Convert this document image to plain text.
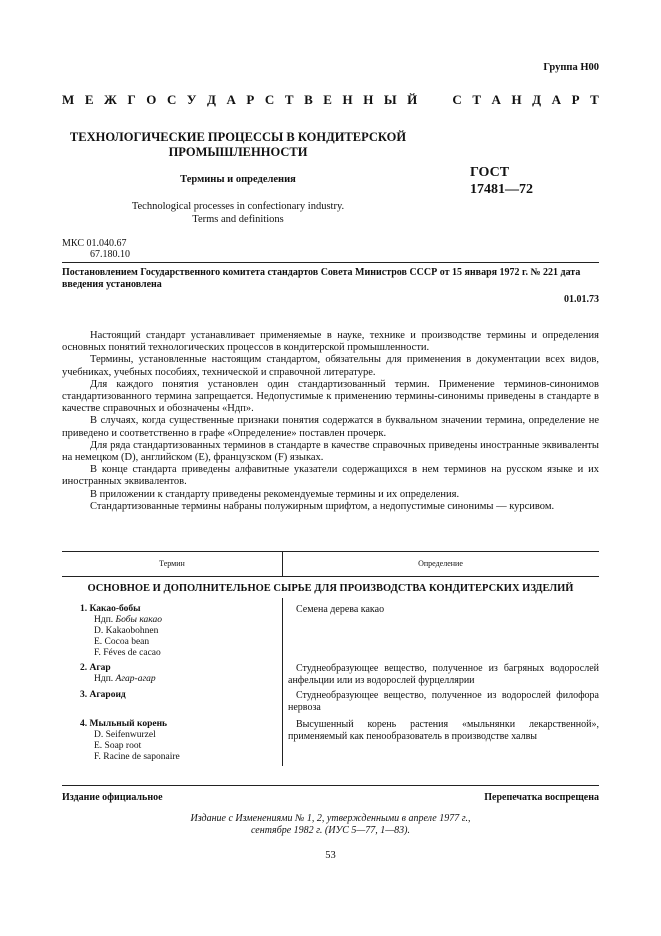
Группа Н00
М Е Ж Г О С У Д А Р С Т В Е Н Н Ы Й	С Т А Н Д А Р Т
ТЕХНОЛОГИЧЕСКИЕ ПРОЦЕССЫ В КОНДИТЕРСКОЙ
ПРОМЫШЛЕННОСТИ
Термины и определения
Technological processes in confectionary industry.
Terms and definitions
ГОСТ
17481—72
МКС 01.040.67
67.180.10
Постановлением Государственного комитета стандартов Совета Министров СССР от 15 января 1972 г. № 221 дата введения установлена
01.01.73

Настоящий стандарт устанавливает применяемые в науке, технике и производстве термины и определения основных понятий технологических процессов в кондитерской промышленности.

Термины, установленные настоящим стандартом, обязательны для применения в документации всех видов, учебниках, учебных пособиях, технической и справочной литературе.

Для каждого понятия установлен один стандартизованный термин. Применение терминов-синонимов стандартизованного термина запрещается. Недопустимые к применению термины-синонимы приведены в стандарте в качестве справочных и обозначены «Ндп».

В случаях, когда существенные признаки понятия содержатся в буквальном значении термина, определение не приведено и соответственно в графе «Определение» поставлен прочерк.

Для ряда стандартизованных терминов в стандарте в качестве справочных приведены иностранные эквиваленты на немецком (D), английском (E), французском (F) языках.

В конце стандарта приведены алфавитные указатели содержащихся в нем терминов на русском языке и их иностранных эквивалентов.

В приложении к стандарту приведены рекомендуемые термины и их определения.

Стандартизованные термины набраны полужирным шрифтом, а недопустимые синонимы — курсивом.

Термин	Определение
ОСНОВНОЕ И ДОПОЛНИТЕЛЬНОЕ СЫРЬЕ ДЛЯ ПРОИЗВОДСТВА КОНДИТЕРСКИХ ИЗДЕЛИЙ
1. Какао-бобы
Ндп. Бобы какао
D. Kakaobohnen
E. Cocoa bean
F. Féves de cacao
Семена дерева какао
2. Агар
Ндп. Агар-агар
Студнеобразующее вещество, полученное из багряных водорослей анфельции или из водорослей фурцеллярии
3. Агароид	Студнеобразующее вещество, полученное из водорослей филофора нервоза
4. Мыльный корень
D. Seifenwurzel
E. Soap root
F. Racine de saponaire
Высушенный корень растения «мыльнянки лекарственной», применяемый как пенообразователь в производстве халвы
Издание официальное	Перепечатка воспрещена
Издание с Изменениями № 1, 2, утвержденными в апреле 1977 г.,
сентябре 1982 г. (ИУС 5—77, 1—83).
53
